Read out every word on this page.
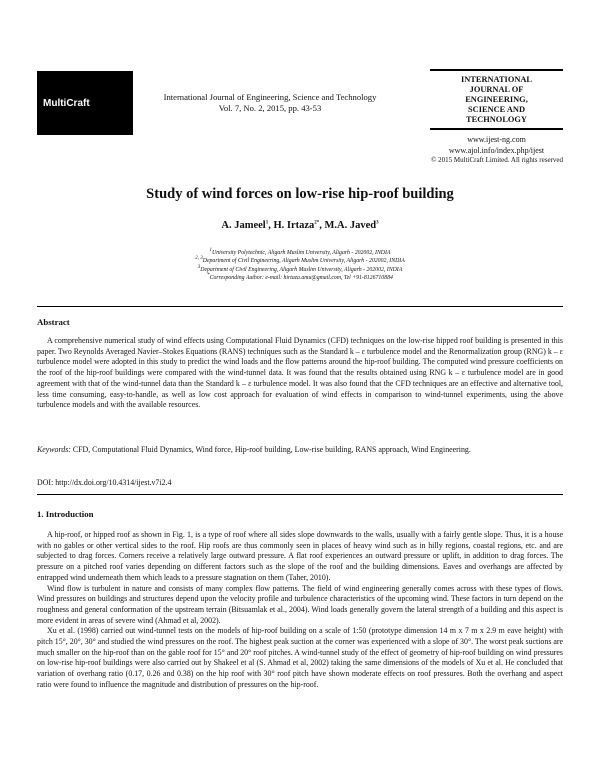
MultiCraft
International Journal of Engineering, Science and Technology
Vol. 7, No. 2, 2015, pp. 43-53
INTERNATIONAL
JOURNAL OF
ENGINEERING,
SCIENCE AND
TECHNOLOGY
www.ijest-ng.com
www.ajol.info/index.php/ijest
© 2015 MultiCraft Limited. All rights reserved
Study of wind forces on low-rise hip-roof building
A. Jameel$^1$, H. Irtaza$^{2*}$, M.A. Javed$^3$
$^1$University Polytechnic, Aligarh Muslim University, Aligarh - 202002, INDIA
$^{2, 3}$Department of Civil Engineering, Aligarh Muslim University, Aligarh - 202002, INDIA
$^3$Department of Civil Engineering, Aligarh Muslim University, Aligarh - 202002, INDIA
*Corresponding Author: e-mail: hirtaza.amu@gmail.com, Tel +91-8126710884
Abstract

A comprehensive numerical study of wind effects using Computational Fluid Dynamics (CFD) techniques on the low-rise hipped roof building is presented in this paper. Two Reynolds Averaged Navier–Stokes Equations (RANS) techniques such as the Standard k – ε turbulence model and the Renormalization group (RNG) k – ε turbulence model were adopted in this study to predict the wind loads and the flow patterns around the hip-roof building. The computed wind pressure coefficients on the roof of the hip-roof buildings were compared with the wind-tunnel data. It was found that the results obtained using RNG k – ε turbulence model are in good agreement with that of the wind-tunnel data than the Standard k – ε turbulence model. It was also found that the CFD techniques are an effective and alternative tool, less time consuming, easy-to-handle, as well as low cost approach for evaluation of wind effects in comparison to wind-tunnel experiments, using the above turbulence models and with the available resources.

Keywords: CFD, Computational Fluid Dynamics, Wind force, Hip-roof building, Low-rise building, RANS approach, Wind Engineering.
DOI: http://dx.doi.org/10.4314/ijest.v7i2.4
1. Introduction

A hip-roof, or hipped roof as shown in Fig. 1, is a type of roof where all sides slope downwards to the walls, usually with a fairly gentle slope. Thus, it is a house with no gables or other vertical sides to the roof. Hip roofs are thus commonly seen in places of heavy wind such as in hilly regions, coastal regions, etc. and are subjected to drag forces. Corners receive a relatively large outward pressure. A flat roof experiences an outward pressure or uplift, in addition to drag forces. The pressure on a pitched roof varies depending on different factors such as the slope of the roof and the building dimensions. Eaves and overhangs are affected by entrapped wind underneath them which leads to a pressure stagnation on them (Taher, 2010).

Wind flow is turbulent in nature and consists of many complex flow patterns. The field of wind engineering generally comes across with these types of flows. Wind pressures on buildings and structures depend upon the velocity profile and turbulence characteristics of the upcoming wind. These factors in turn depend on the roughness and general conformation of the upstream terrain (Bitsuamlak et al., 2004). Wind loads generally govern the lateral strength of a building and this aspect is more evident in areas of severe wind (Ahmad et al, 2002).

Xu et al. (1998) carried out wind-tunnel tests on the models of hip-roof building on a scale of 1:50 (prototype dimension 14 m x 7 m x 2.9 m eave height) with pitch 15°, 20°, 30° and studied the wind pressures on the roof. The highest peak suction at the corner was experienced with a slope of 30°. The worst peak suctions are much smaller on the hip-roof than on the gable roof for 15° and 20° roof pitches. A wind-tunnel study of the effect of geometry of hip-roof building on wind pressures on low-rise hip-roof buildings were also carried out by Shakeel et al (S. Ahmad et al, 2002) taking the same dimensions of the models of Xu et al. He concluded that variation of overhang ratio (0.17, 0.26 and 0.38) on the hip roof with 30° roof pitch have shown moderate effects on roof pressures. Both the overhang and aspect ratio were found to influence the magnitude and distribution of pressures on the hip-roof.
